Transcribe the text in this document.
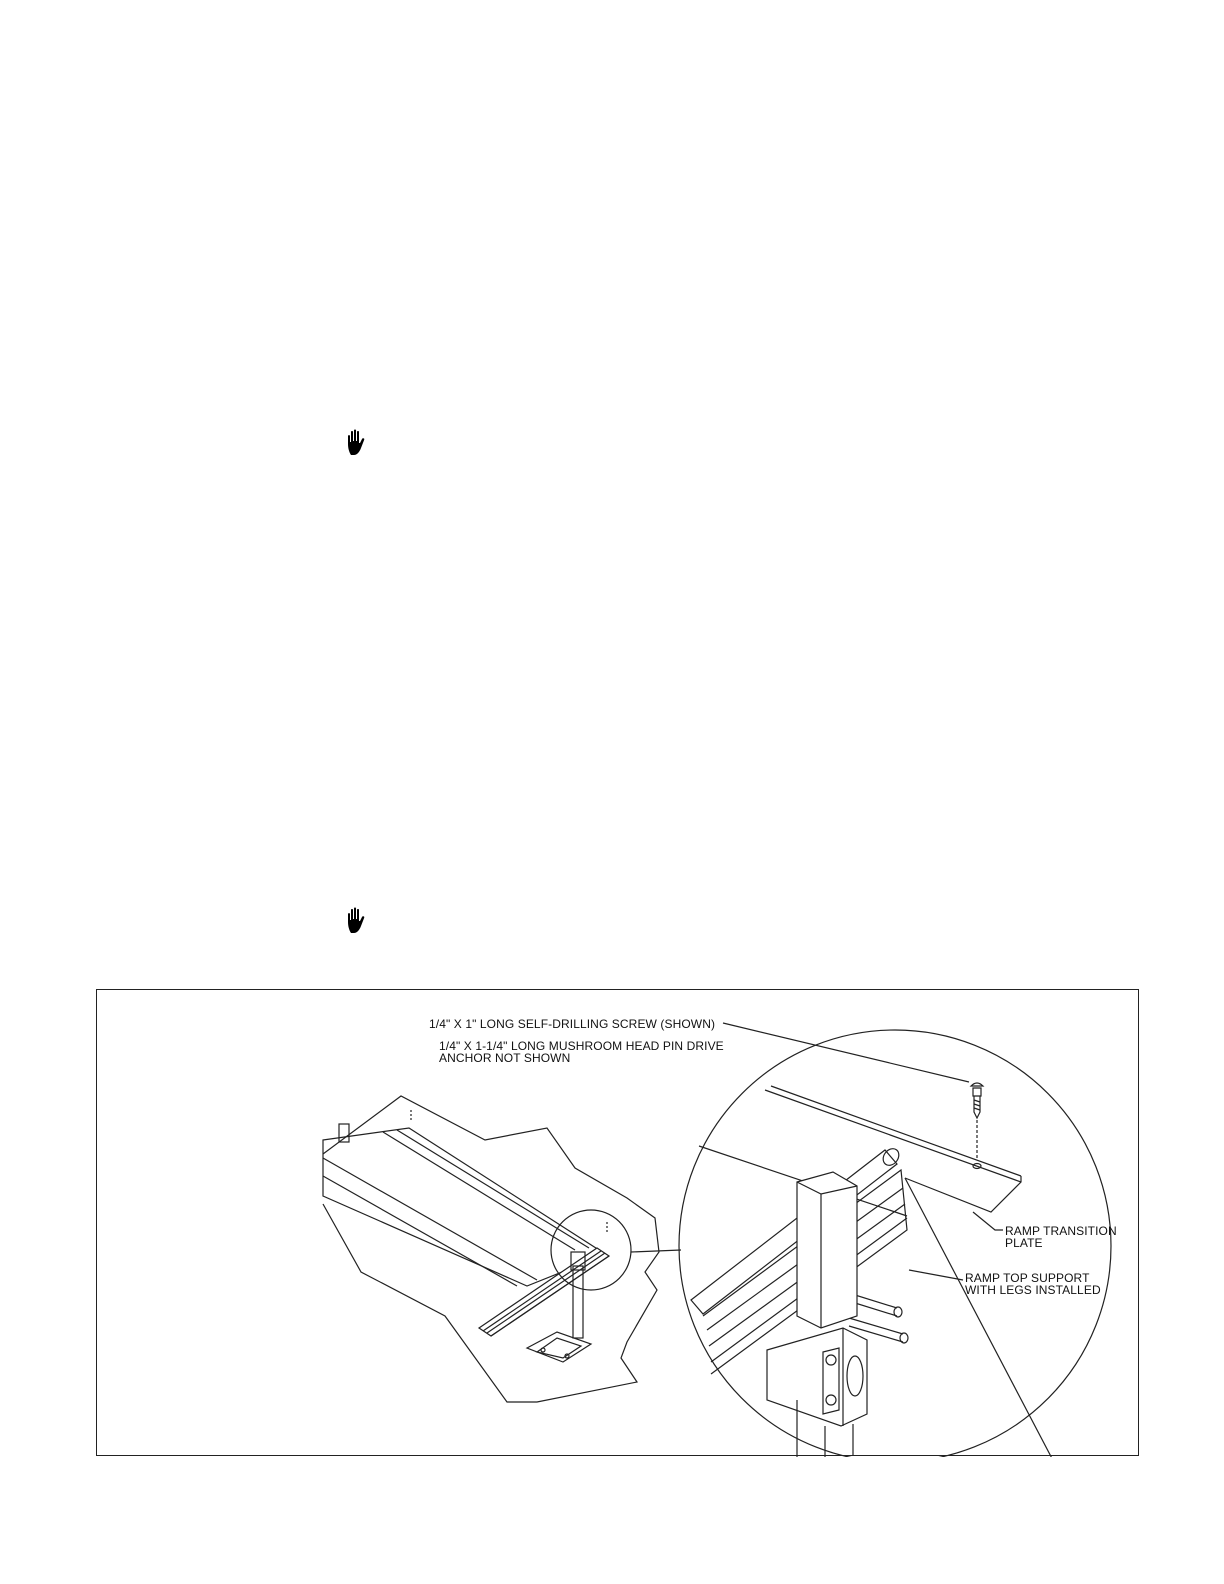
1/4" X 1" LONG SELF-DRILLING SCREW (SHOWN)
1/4" X 1-1/4" LONG MUSHROOM HEAD PIN DRIVE
ANCHOR NOT SHOWN
RAMP TRANSITION
PLATE
RAMP TOP SUPPORT
WITH LEGS INSTALLED
